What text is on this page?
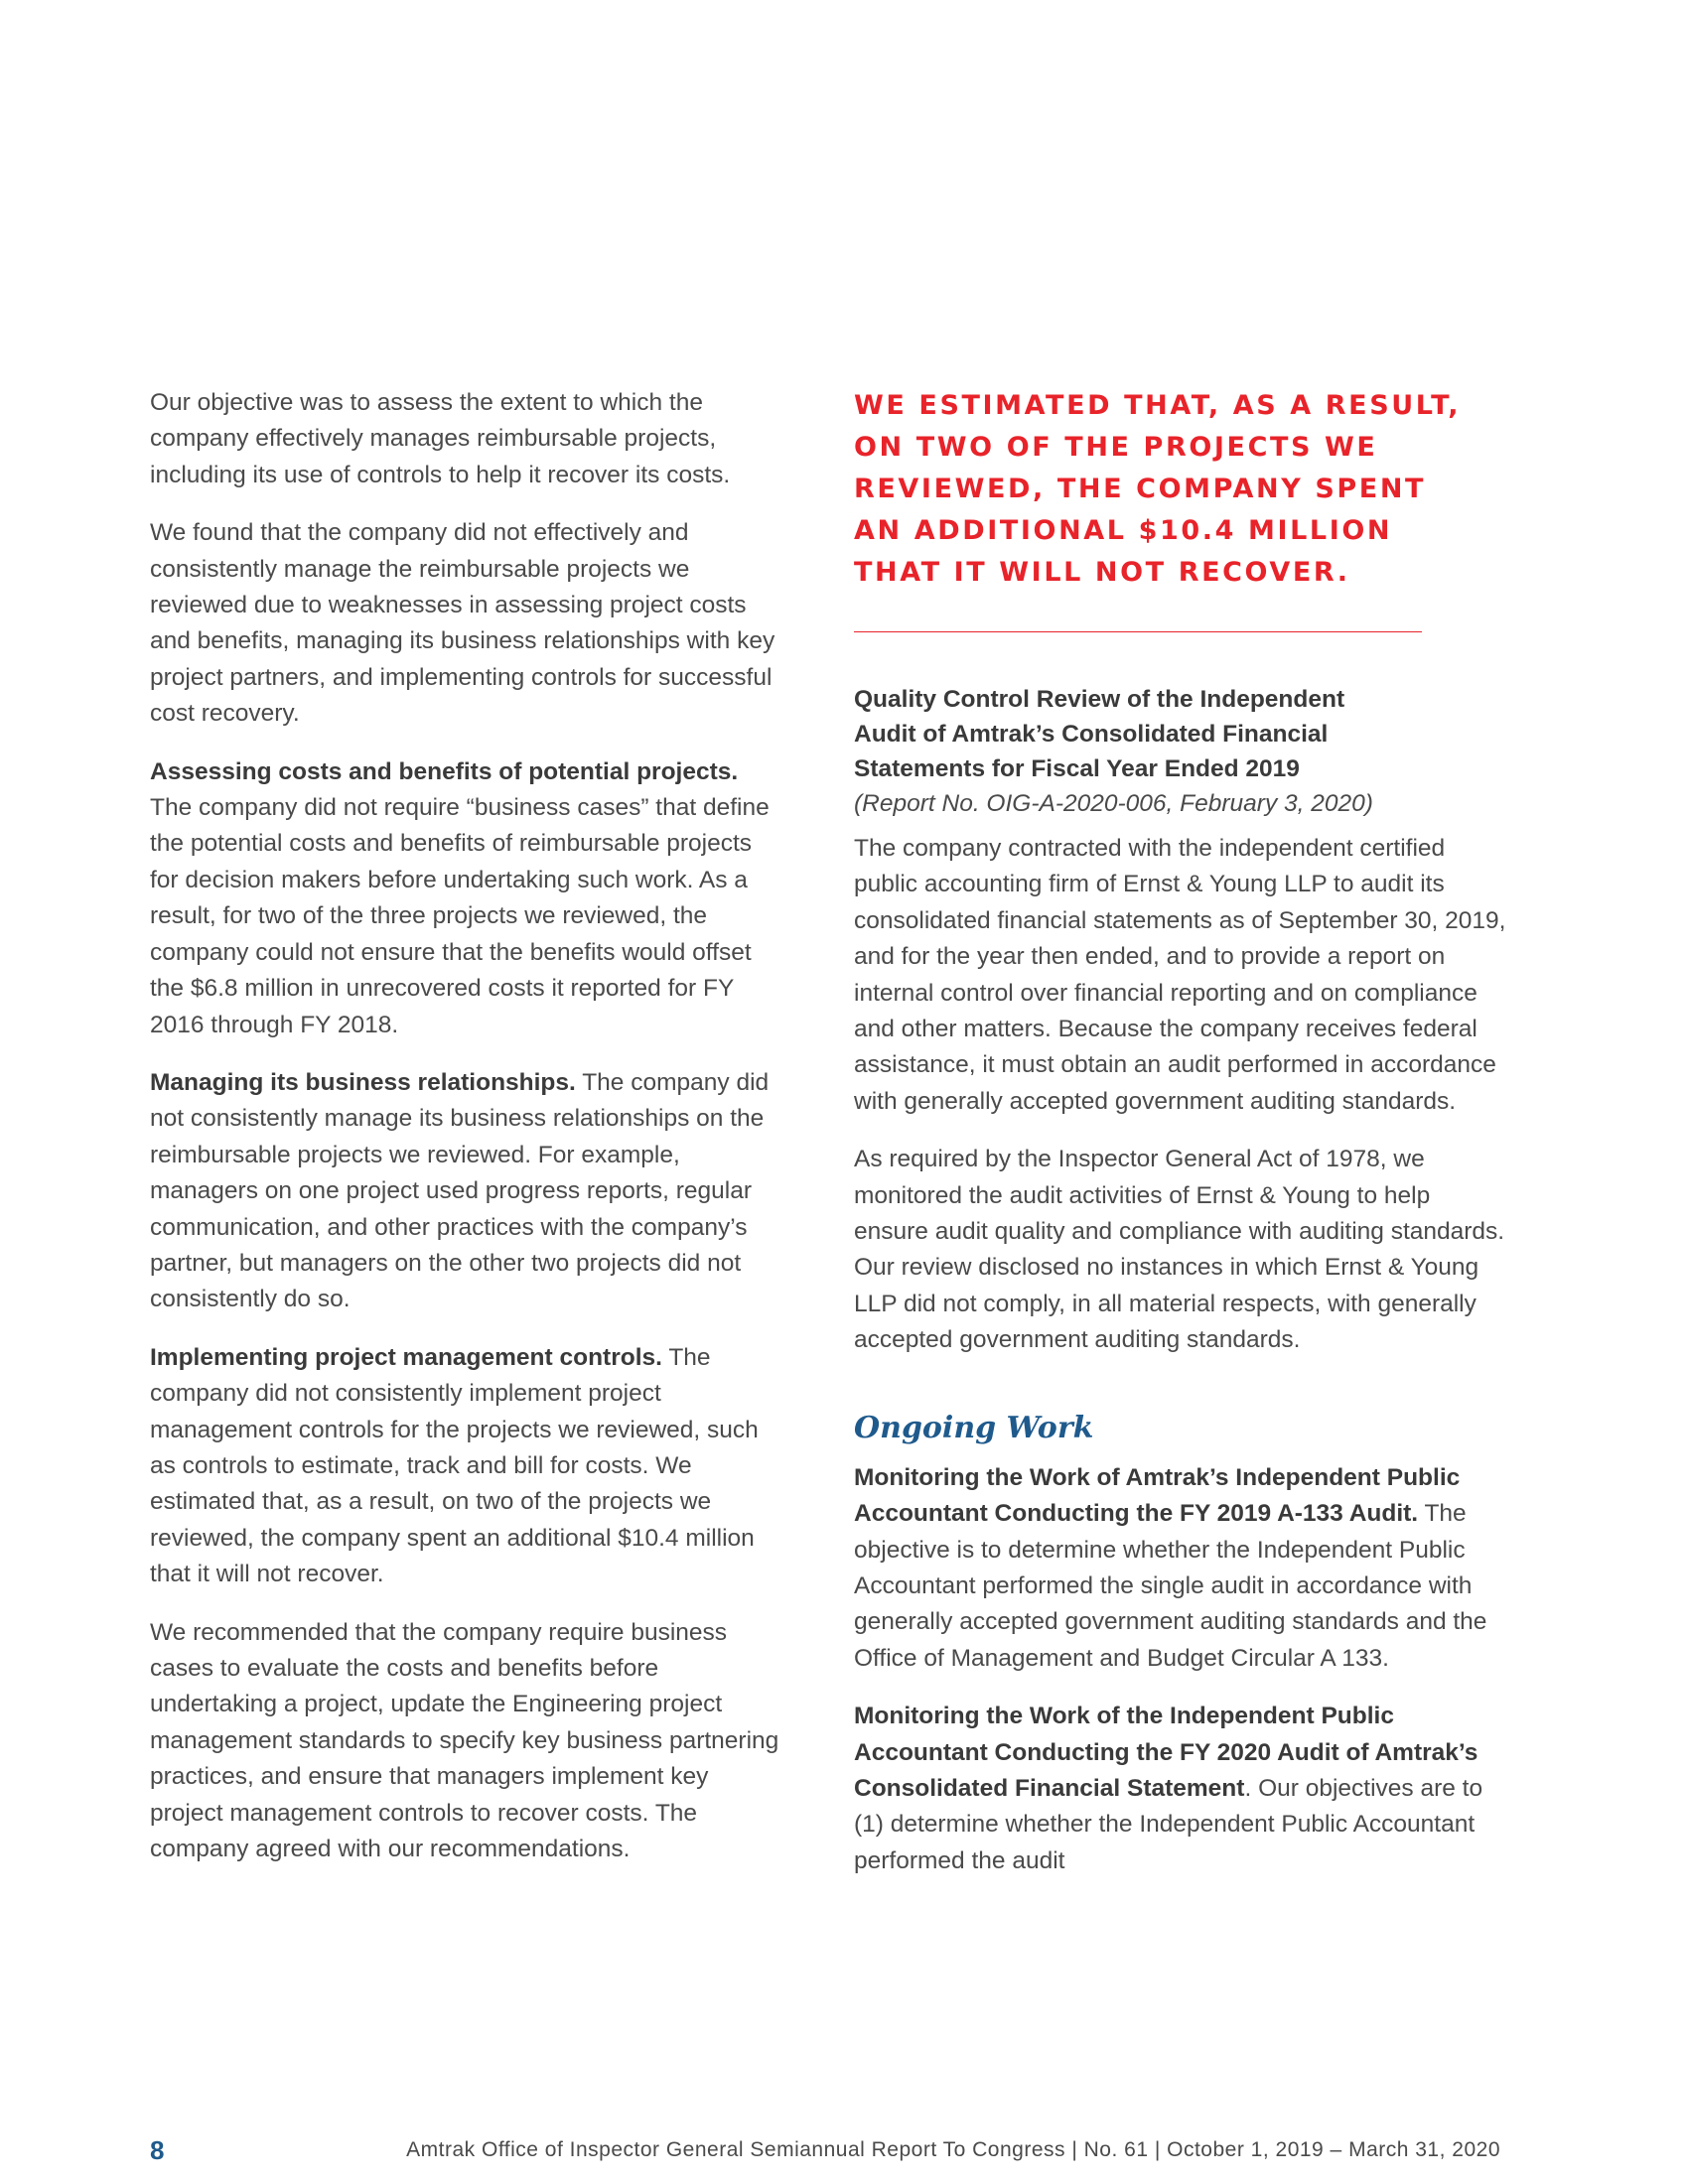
Our objective was to assess the extent to which the company effectively manages reimbursable projects, including its use of controls to help it recover its costs.

We found that the company did not effectively and consistently manage the reimbursable projects we reviewed due to weaknesses in assessing project costs and benefits, managing its business relationships with key project partners, and implementing controls for successful cost recovery.

Assessing costs and benefits of potential projects. The company did not require “business cases” that define the potential costs and benefits of reimbursable projects for decision makers before undertaking such work. As a result, for two of the three projects we reviewed, the company could not ensure that the benefits would offset the $6.8 million in unrecovered costs it reported for FY 2016 through FY 2018.

Managing its business relationships. The company did not consistently manage its business relationships on the reimbursable projects we reviewed. For example, managers on one project used progress reports, regular communication, and other practices with the company’s partner, but managers on the other two projects did not consistently do so.

Implementing project management controls. The company did not consistently implement project management controls for the projects we reviewed, such as controls to estimate, track and bill for costs. We estimated that, as a result, on two of the projects we reviewed, the company spent an additional $10.4 million that it will not recover.

We recommended that the company require business cases to evaluate the costs and benefits before undertaking a project, update the Engineering project management standards to specify key business partnering practices, and ensure that managers implement key project management controls to recover costs. The company agreed with our recommendations.

WE ESTIMATED THAT, AS A RESULT,
ON TWO OF THE PROJECTS WE
REVIEWED, THE COMPANY SPENT
AN ADDITIONAL $10.4 MILLION
THAT IT WILL NOT RECOVER.
Quality Control Review of the Independent
Audit of Amtrak’s Consolidated Financial
Statements for Fiscal Year Ended 2019
(Report No. OIG-A-2020-006, February 3, 2020)

The company contracted with the independent certified public accounting firm of Ernst & Young LLP to audit its consolidated financial statements as of September 30, 2019, and for the year then ended, and to provide a report on internal control over financial reporting and on compliance and other matters. Because the company receives federal assistance, it must obtain an audit performed in accordance with generally accepted government auditing standards.

As required by the Inspector General Act of 1978, we monitored the audit activities of Ernst & Young to help ensure audit quality and compliance with auditing standards. Our review disclosed no instances in which Ernst & Young LLP did not comply, in all material respects, with generally accepted government auditing standards.

Ongoing Work
Monitoring the Work of Amtrak’s Independent Public Accountant Conducting the FY 2019 A-133 Audit. The objective is to determine whether the Independent Public Accountant performed the single audit in accordance with generally accepted government auditing standards and the Office of Management and Budget Circular A 133.
Monitoring the Work of the Independent Public Accountant Conducting the FY 2020 Audit of Amtrak’s Consolidated Financial Statement. Our objectives are to (1) determine whether the Independent Public Accountant performed the audit
8	Amtrak Office of Inspector General Semiannual Report To Congress | No. 61 | October 1, 2019 – March 31, 2020
